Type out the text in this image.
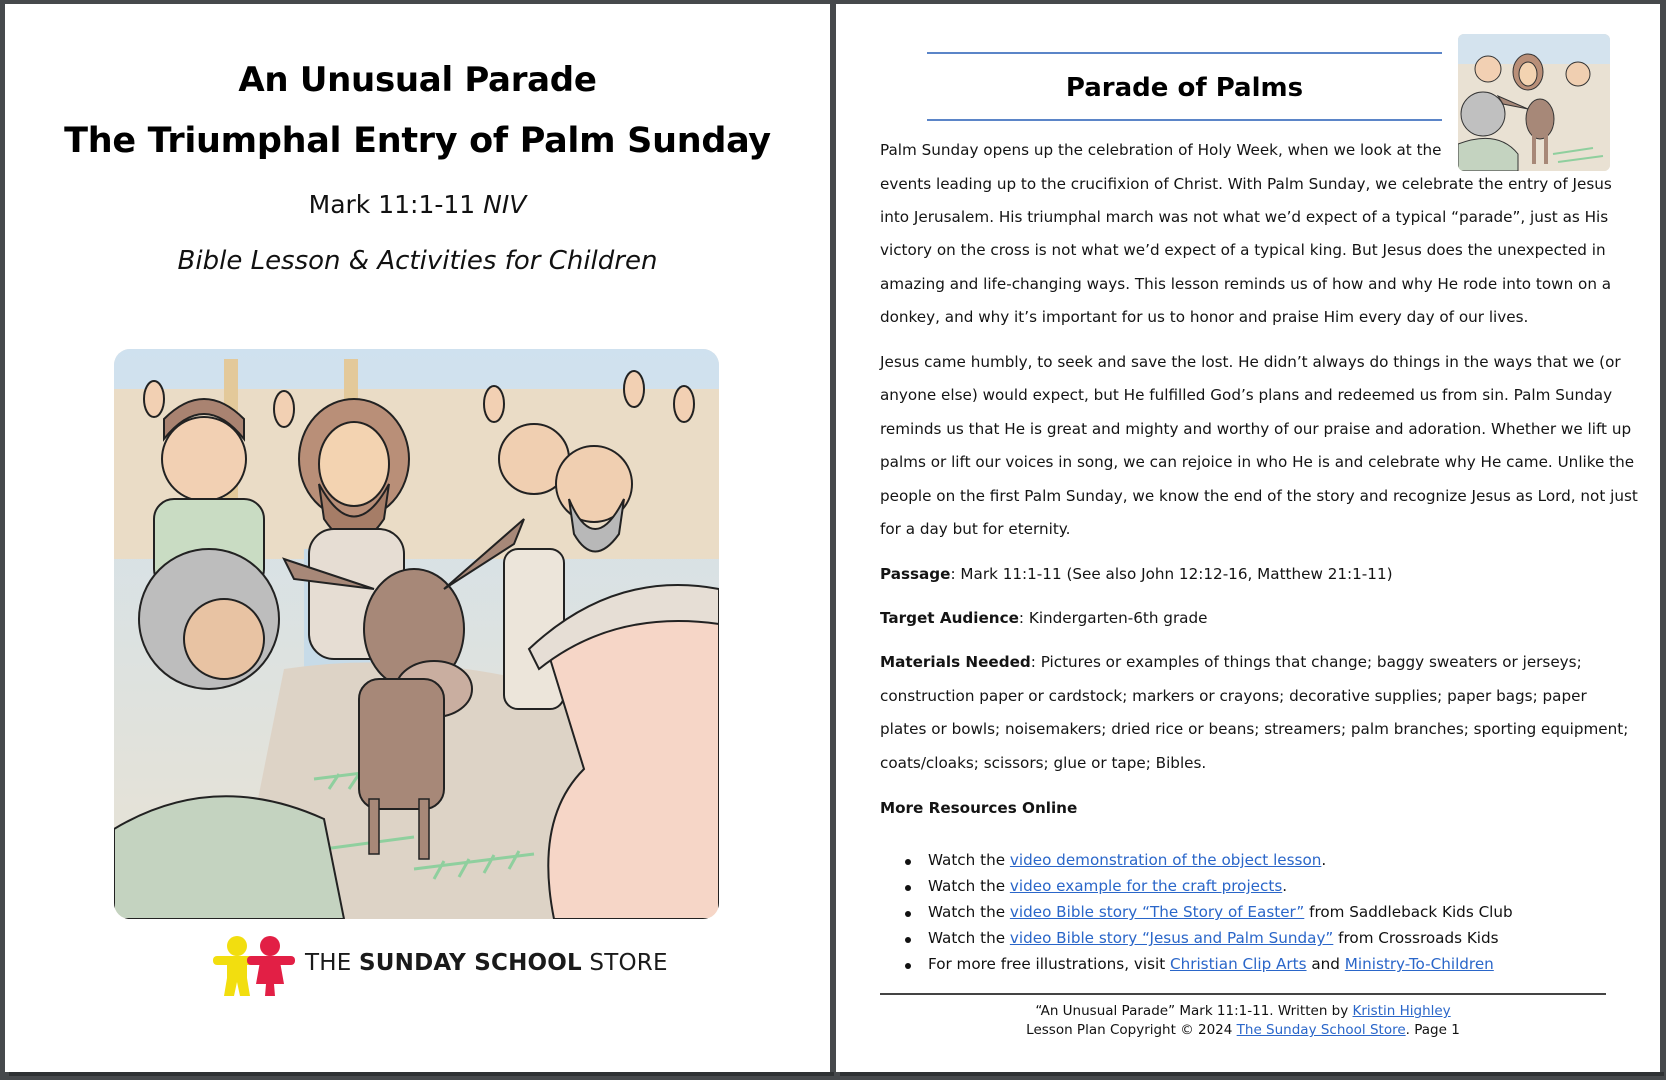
An Unusual Parade
The Triumphal Entry of Palm Sunday
Mark 11:1-11 NIV
Bible Lesson & Activities for Children
THE SUNDAY SCHOOL STORE
Parade of Palms
Palm Sunday opens up the celebration of Holy Week, when we look at the
events leading up to the crucifixion of Christ. With Palm Sunday, we celebrate the entry of Jesus
into Jerusalem. His triumphal march was not what we’d expect of a typical “parade”, just as His
victory on the cross is not what we’d expect of a typical king. But Jesus does the unexpected in
amazing and life-changing ways. This lesson reminds us of how and why He rode into town on a
donkey, and why it’s important for us to honor and praise Him every day of our lives.
Jesus came humbly, to seek and save the lost. He didn’t always do things in the ways that we (or
anyone else) would expect, but He fulfilled God’s plans and redeemed us from sin. Palm Sunday
reminds us that He is great and mighty and worthy of our praise and adoration. Whether we lift up
palms or lift our voices in song, we can rejoice in who He is and celebrate why He came. Unlike the
people on the first Palm Sunday, we know the end of the story and recognize Jesus as Lord, not just
for a day but for eternity.
Passage: Mark 11:1-11 (See also John 12:12-16, Matthew 21:1-11)
Target Audience: Kindergarten-6th grade
Materials Needed: Pictures or examples of things that change; baggy sweaters or jerseys;
construction paper or cardstock; markers or crayons; decorative supplies; paper bags; paper
plates or bowls; noisemakers; dried rice or beans; streamers; palm branches; sporting equipment;
coats/cloaks; scissors; glue or tape; Bibles.
More Resources Online
Watch the video demonstration of the object lesson.
Watch the video example for the craft projects.
Watch the video Bible story “The Story of Easter” from Saddleback Kids Club
Watch the video Bible story “Jesus and Palm Sunday” from Crossroads Kids
For more free illustrations, visit Christian Clip Arts and Ministry-To-Children
“An Unusual Parade” Mark 11:1-11. Written by Kristin Highley
Lesson Plan Copyright © 2024 The Sunday School Store. Page 1
